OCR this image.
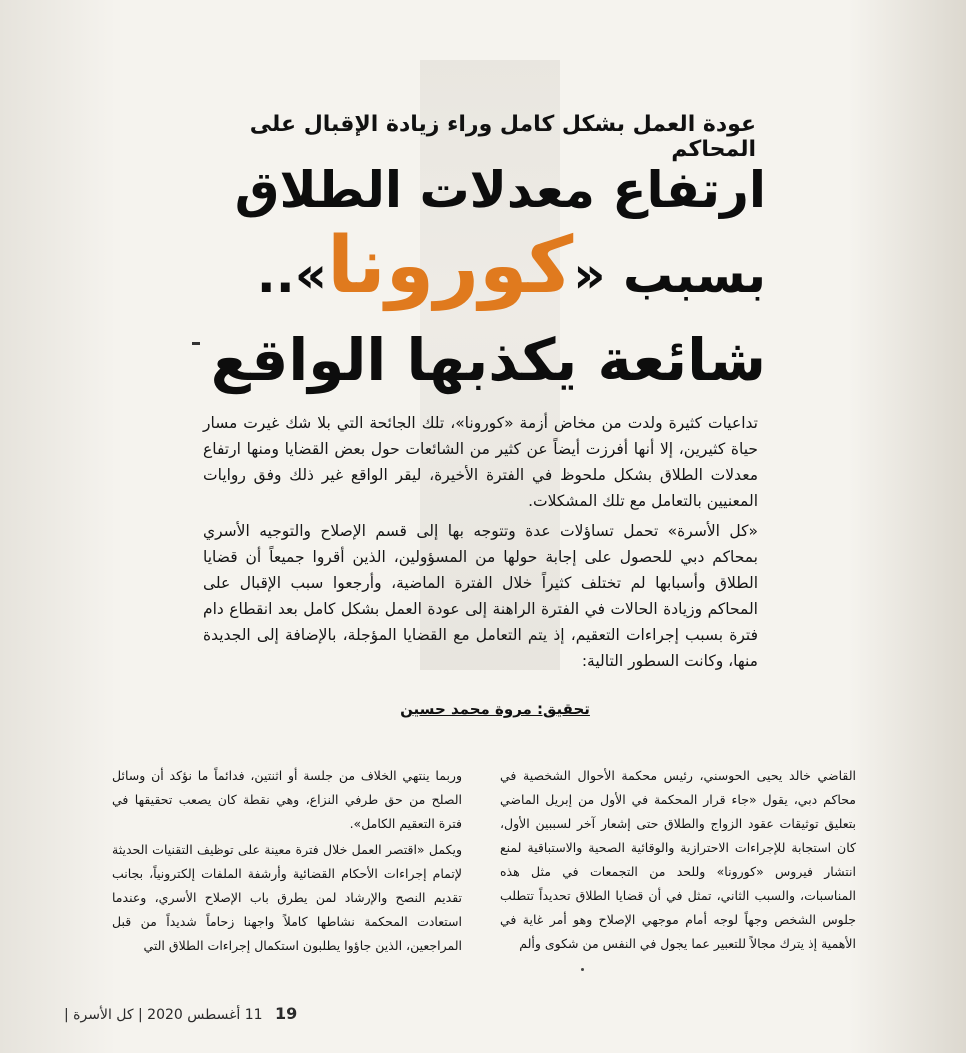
عودة العمل بشكل كامل وراء زيادة الإقبال على المحاكم
ارتفاع معدلات الطلاق
بسبب «كورونا»..
شائعة يكذبها الواقع

تداعيات كثيرة ولدت من مخاض أزمة «كورونا»، تلك الجائحة التي بلا شك غيرت مسار حياة كثيرين، إلا أنها أفرزت أيضاً عن كثير من الشائعات حول بعض القضايا ومنها ارتفاع معدلات الطلاق بشكل ملحوظ في الفترة الأخيرة، ليقر الواقع غير ذلك وفق روايات المعنيين بالتعامل مع تلك المشكلات.

«كل الأسرة» تحمل تساؤلات عدة وتتوجه بها إلى قسم الإصلاح والتوجيه الأسري بمحاكم دبي للحصول على إجابة حولها من المسؤولين، الذين أقروا جميعاً أن قضايا الطلاق وأسبابها لم تختلف كثيراً خلال الفترة الماضية، وأرجعوا سبب الإقبال على المحاكم وزيادة الحالات في الفترة الراهنة إلى عودة العمل بشكل كامل بعد انقطاع دام فترة بسبب إجراءات التعقيم، إذ يتم التعامل مع القضايا المؤجلة، بالإضافة إلى الجديدة منها، وكانت السطور التالية:

تحقيق: مروة محمد حسين

القاضي خالد يحيى الحوسني، رئيس محكمة الأحوال الشخصية في محاكم دبي، يقول «جاء قرار المحكمة في الأول من إبريل الماضي بتعليق توثيقات عقود الزواج والطلاق حتى إشعار آخر لسببين الأول، كان استجابة للإجراءات الاحترازية والوقائية الصحية والاستباقية لمنع انتشار فيروس «كورونا» وللحد من التجمعات في مثل هذه المناسبات، والسبب الثاني، تمثل في أن قضايا الطلاق تحديداً تتطلب جلوس الشخص وجهاً لوجه أمام موجهي الإصلاح وهو أمر غاية في الأهمية إذ يترك مجالاً للتعبير عما يجول في النفس من شكوى وألم

وربما ينتهي الخلاف من جلسة أو اثنتين، فدائماً ما نؤكد أن وسائل الصلح من حق طرفي النزاع، وهي نقطة كان يصعب تحقيقها في فترة التعقيم الكامل».

ويكمل «اقتصر العمل خلال فترة معينة على توظيف التقنيات الحديثة لإتمام إجراءات الأحكام القضائية وأرشفة الملفات إلكترونياً، بجانب تقديم النصح والإرشاد لمن يطرق باب الإصلاح الأسري، وعندما استعادت المحكمة نشاطها كاملاً واجهنا زحاماً شديداً من قبل المراجعين، الذين جاؤوا يطلبون استكمال إجراءات الطلاق التي

19 11 أغسطس 2020 | كل الأسرة |
